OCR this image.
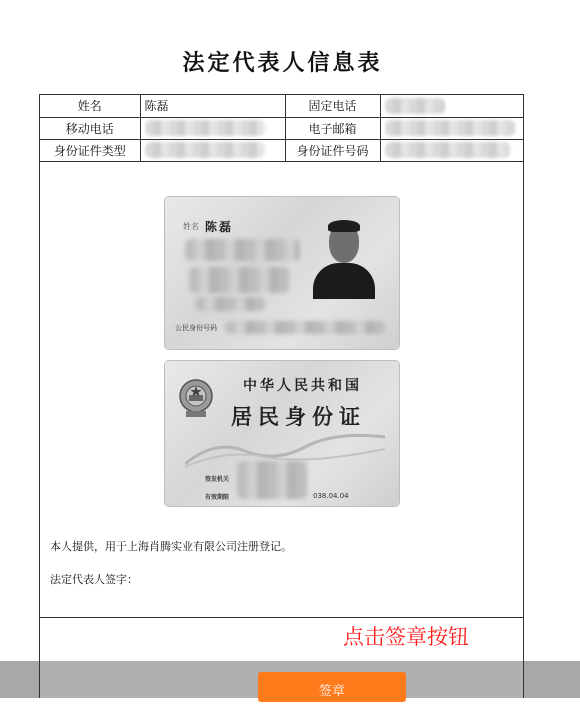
法定代表人信息表
姓名	陈磊	固定电话	
移动电话		电子邮箱	
身份证件类型		身份证件号码	
姓名 陈磊
公民身份号码
中华人民共和国
居民身份证
签发机关
有效期限	038.04.04
本人提供，用于上海肖腾实业有限公司注册登记。
法定代表人签字：
点击签章按钮
签章
